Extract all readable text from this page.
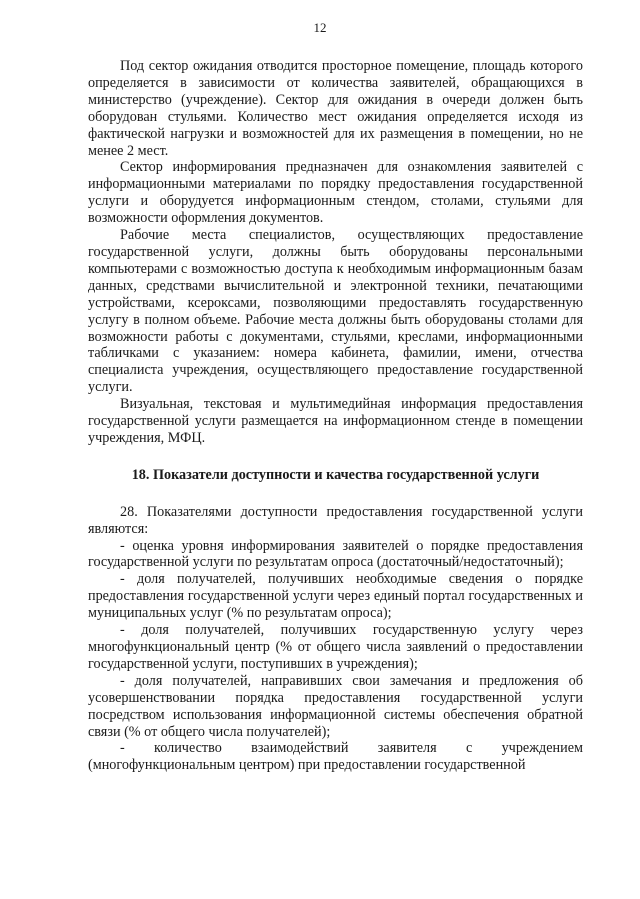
12

Под сектор ожидания отводится просторное помещение, площадь которого определяется в зависимости от количества заявителей, обращающихся в министерство (учреждение). Сектор для ожидания в очереди должен быть оборудован стульями. Количество мест ожидания определяется исходя из фактической нагрузки и возможностей для их размещения в помещении, но не менее 2 мест.

Сектор информирования предназначен для ознакомления заявителей с информационными материалами по порядку предоставления государственной услуги и оборудуется информационным стендом, столами, стульями для возможности оформления документов.

Рабочие места специалистов, осуществляющих предоставление государственной услуги, должны быть оборудованы персональными компьютерами с возможностью доступа к необходимым информационным базам данных, средствами вычислительной и электронной техники, печатающими устройствами, ксероксами, позволяющими предоставлять государственную услугу в полном объеме. Рабочие места должны быть оборудованы столами для возможности работы с документами, стульями, креслами, информационными табличками с указанием: номера кабинета, фамилии, имени, отчества специалиста учреждения, осуществляющего предоставление государственной услуги.

Визуальная, текстовая и мультимедийная информация предоставления государственной услуги размещается на информационном стенде в помещении учреждения, МФЦ.

18. Показатели доступности и качества государственной услуги

28. Показателями доступности предоставления государственной услуги являются:

- оценка уровня информирования заявителей о порядке предоставления государственной услуги по результатам опроса (достаточный/недостаточный);

- доля получателей, получивших необходимые сведения о порядке предоставления государственной услуги через единый портал государственных и муниципальных услуг (% по результатам опроса);

- доля получателей, получивших государственную услугу через многофункциональный центр (% от общего числа заявлений о предоставлении государственной услуги, поступивших в учреждения);

- доля получателей, направивших свои замечания и предложения об усовершенствовании порядка предоставления государственной услуги посредством использования информационной системы обеспечения обратной связи (% от общего числа получателей);

- количество взаимодействий заявителя с учреждением (многофункциональным центром) при предоставлении государственной
